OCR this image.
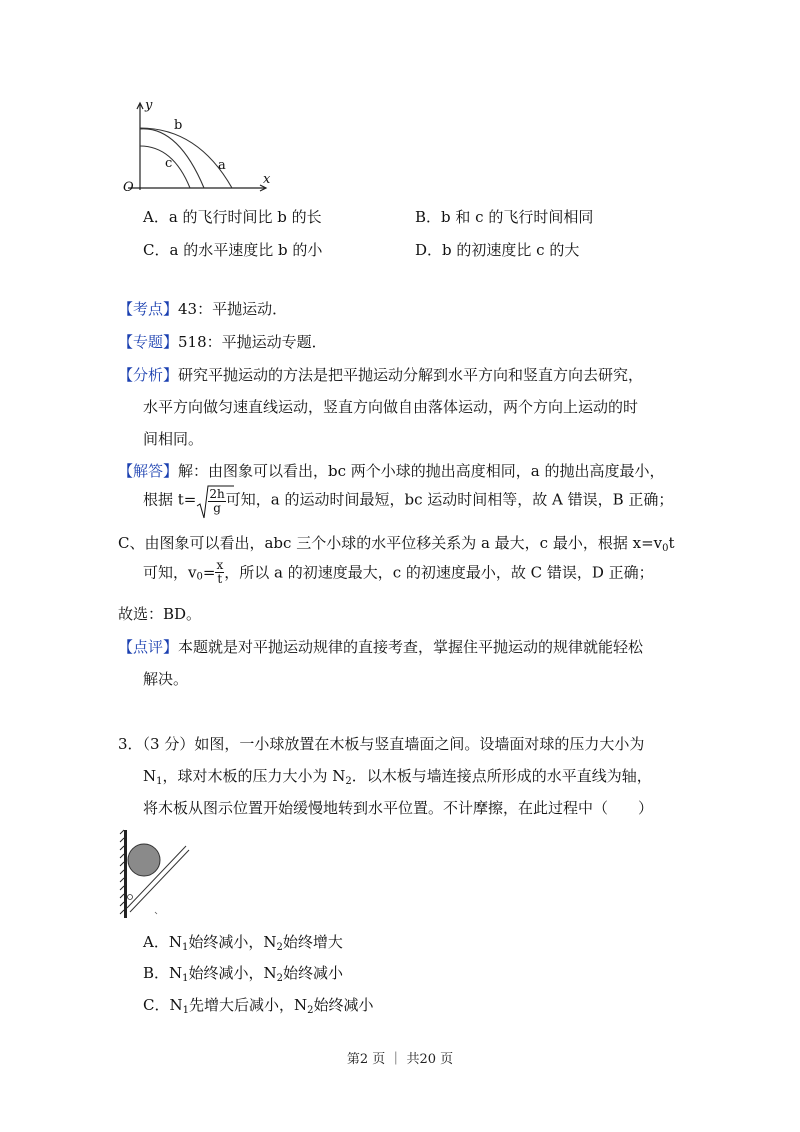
y
x
O
b
c	a
A．a 的飞行时间比 b 的长	B．b 和 c 的飞行时间相同
C．a 的水平速度比 b 的小	D．b 的初速度比 c 的大
【考点】43：平抛运动．
【专题】518：平抛运动专题．
【分析】研究平抛运动的方法是把平抛运动分解到水平方向和竖直方向去研究，
水平方向做匀速直线运动，竖直方向做自由落体运动，两个方向上运动的时
间相同。
【解答】解：由图象可以看出，bc 两个小球的抛出高度相同，a 的抛出高度最小，
根据 $t= \frac{2h}{g}$ 可知，a 的运动时间最短，bc 运动时间相等，故 A 错误，B 正确；
C、由图象可以看出，abc 三个小球的水平位移关系为 a 最大，c 最小，根据 $x=v_0t$
可知，$v_0= \frac{x}{t}$ ，所以 a 的初速度最大，c 的初速度最小，故 C 错误，D 正确；
故选：BD。
【点评】本题就是对平抛运动规律的直接考查，掌握住平抛运动的规律就能轻松
解决。
3．（3 分）如图，一小球放置在木板与竖直墙面之间。设墙面对球的压力大小为
$N_1$，球对木板的压力大小为 $N_2$．以木板与墙连接点所形成的水平直线为轴，
将木板从图示位置开始缓慢地转到水平位置。不计摩擦，在此过程中（　　）
A．$N_1$始终减小，$N_2$始终增大
B．$N_1$始终减小，$N_2$始终减小
C．$N_1$先增大后减小，$N_2$始终减小
第2 页 ｜ 共20 页
